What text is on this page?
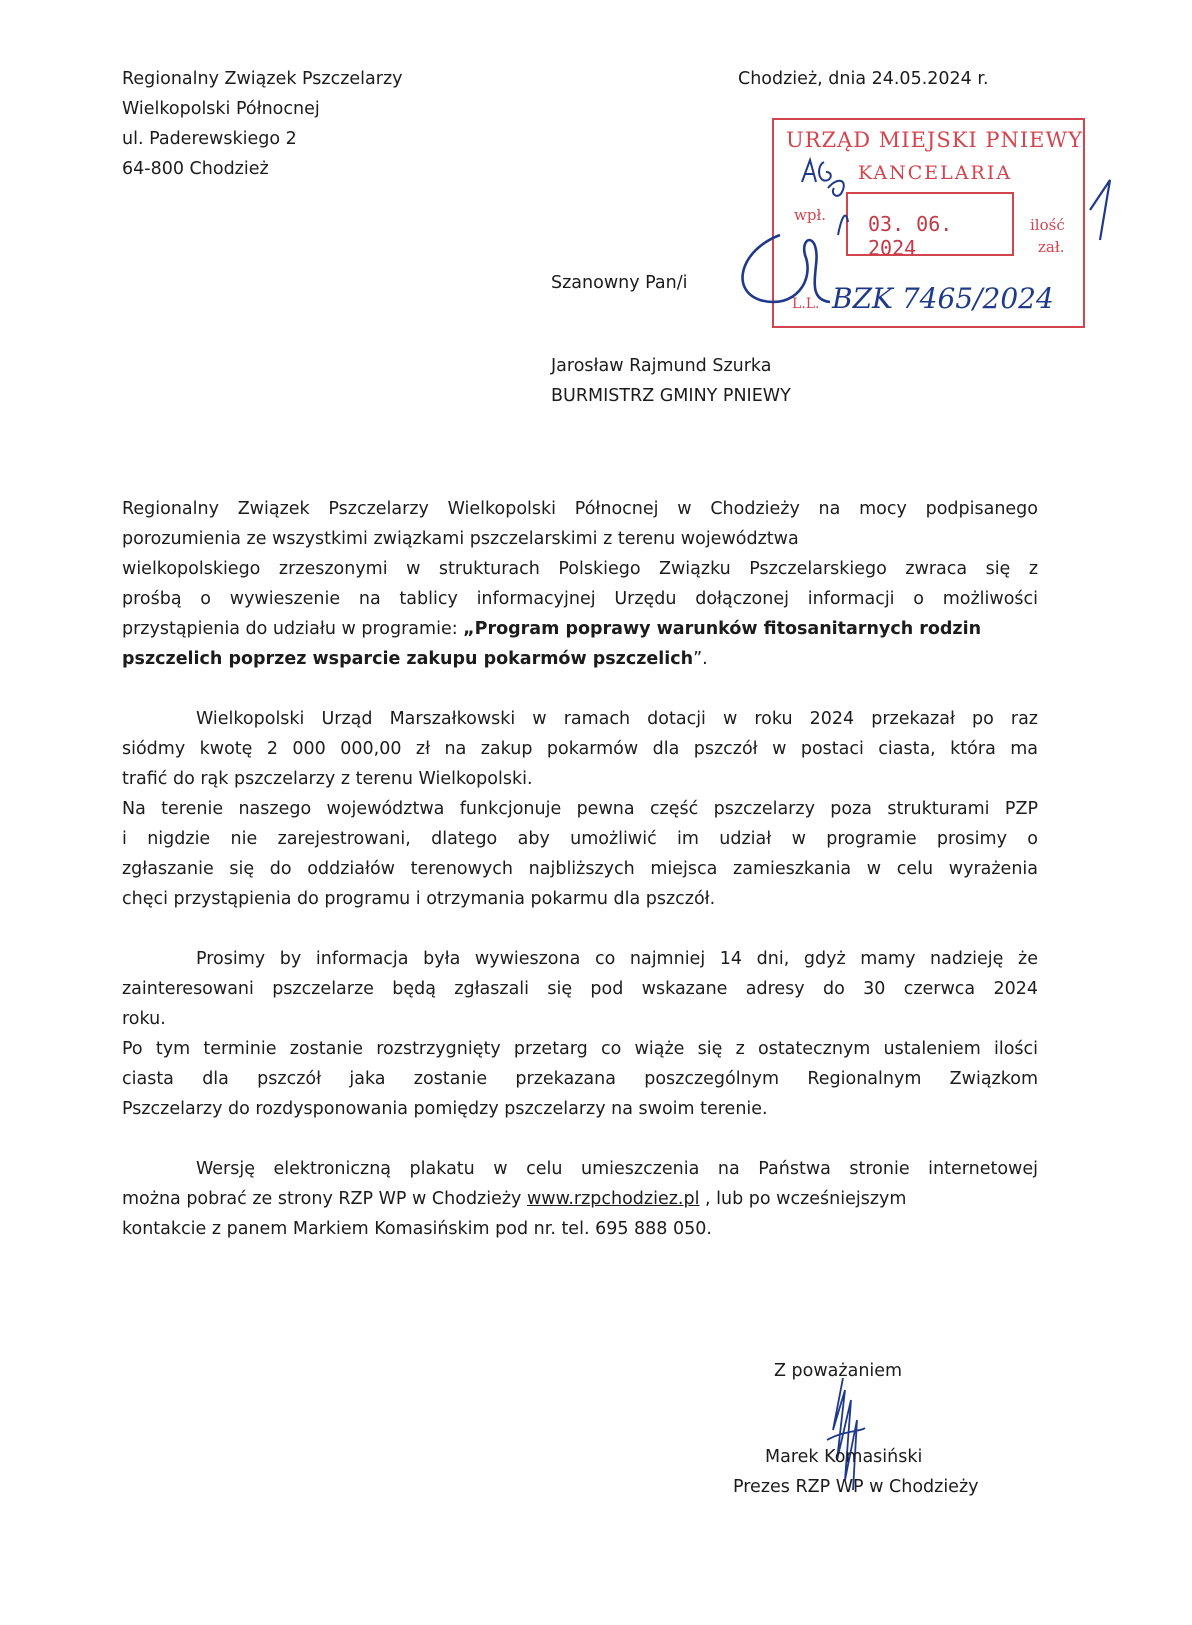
Regionalny Związek Pszczelarzy
Wielkopolski Północnej
ul. Paderewskiego 2
64-800 Chodzież
Chodzież, dnia 24.05.2024 r.
URZĄD MIEJSKI PNIEWY
KANCELARIA
wpł. 03. 06. 2024
ilość
zał.
L.L. BZK 7465/2024
Szanowny Pan/i
Jarosław Rajmund Szurka
BURMISTRZ GMINY PNIEWY
Regionalny Związek Pszczelarzy Wielkopolski Północnej w Chodzieży na mocy podpisanego
porozumienia ze wszystkimi związkami pszczelarskimi z terenu województwa
wielkopolskiego zrzeszonymi w strukturach Polskiego Związku Pszczelarskiego zwraca się z
prośbą o wywieszenie na tablicy informacyjnej Urzędu dołączonej informacji o możliwości
przystąpienia do udziału w programie: „Program poprawy warunków fitosanitarnych rodzin
pszczelich poprzez wsparcie zakupu pokarmów pszczelich”.
Wielkopolski Urząd Marszałkowski w ramach dotacji w roku 2024 przekazał po raz
siódmy kwotę 2 000 000,00 zł na zakup pokarmów dla pszczół w postaci ciasta, która ma
trafić do rąk pszczelarzy z terenu Wielkopolski.
Na terenie naszego województwa funkcjonuje pewna część pszczelarzy poza strukturami PZP
i nigdzie nie zarejestrowani, dlatego aby umożliwić im udział w programie prosimy o
zgłaszanie się do oddziałów terenowych najbliższych miejsca zamieszkania w celu wyrażenia
chęci przystąpienia do programu i otrzymania pokarmu dla pszczół.
Prosimy by informacja była wywieszona co najmniej 14 dni, gdyż mamy nadzieję że
zainteresowani pszczelarze będą zgłaszali się pod wskazane adresy do 30 czerwca 2024
roku.
Po tym terminie zostanie rozstrzygnięty przetarg co wiąże się z ostatecznym ustaleniem ilości
ciasta dla pszczół jaka zostanie przekazana poszczególnym Regionalnym Związkom
Pszczelarzy do rozdysponowania pomiędzy pszczelarzy na swoim terenie.
Wersję elektroniczną plakatu w celu umieszczenia na Państwa stronie internetowej
można pobrać ze strony RZP WP w Chodzieży www.rzpchodziez.pl , lub po wcześniejszym
kontakcie z panem Markiem Komasińskim pod nr. tel. 695 888 050.
Z poważaniem
Marek Komasiński
Prezes RZP WP w Chodzieży
